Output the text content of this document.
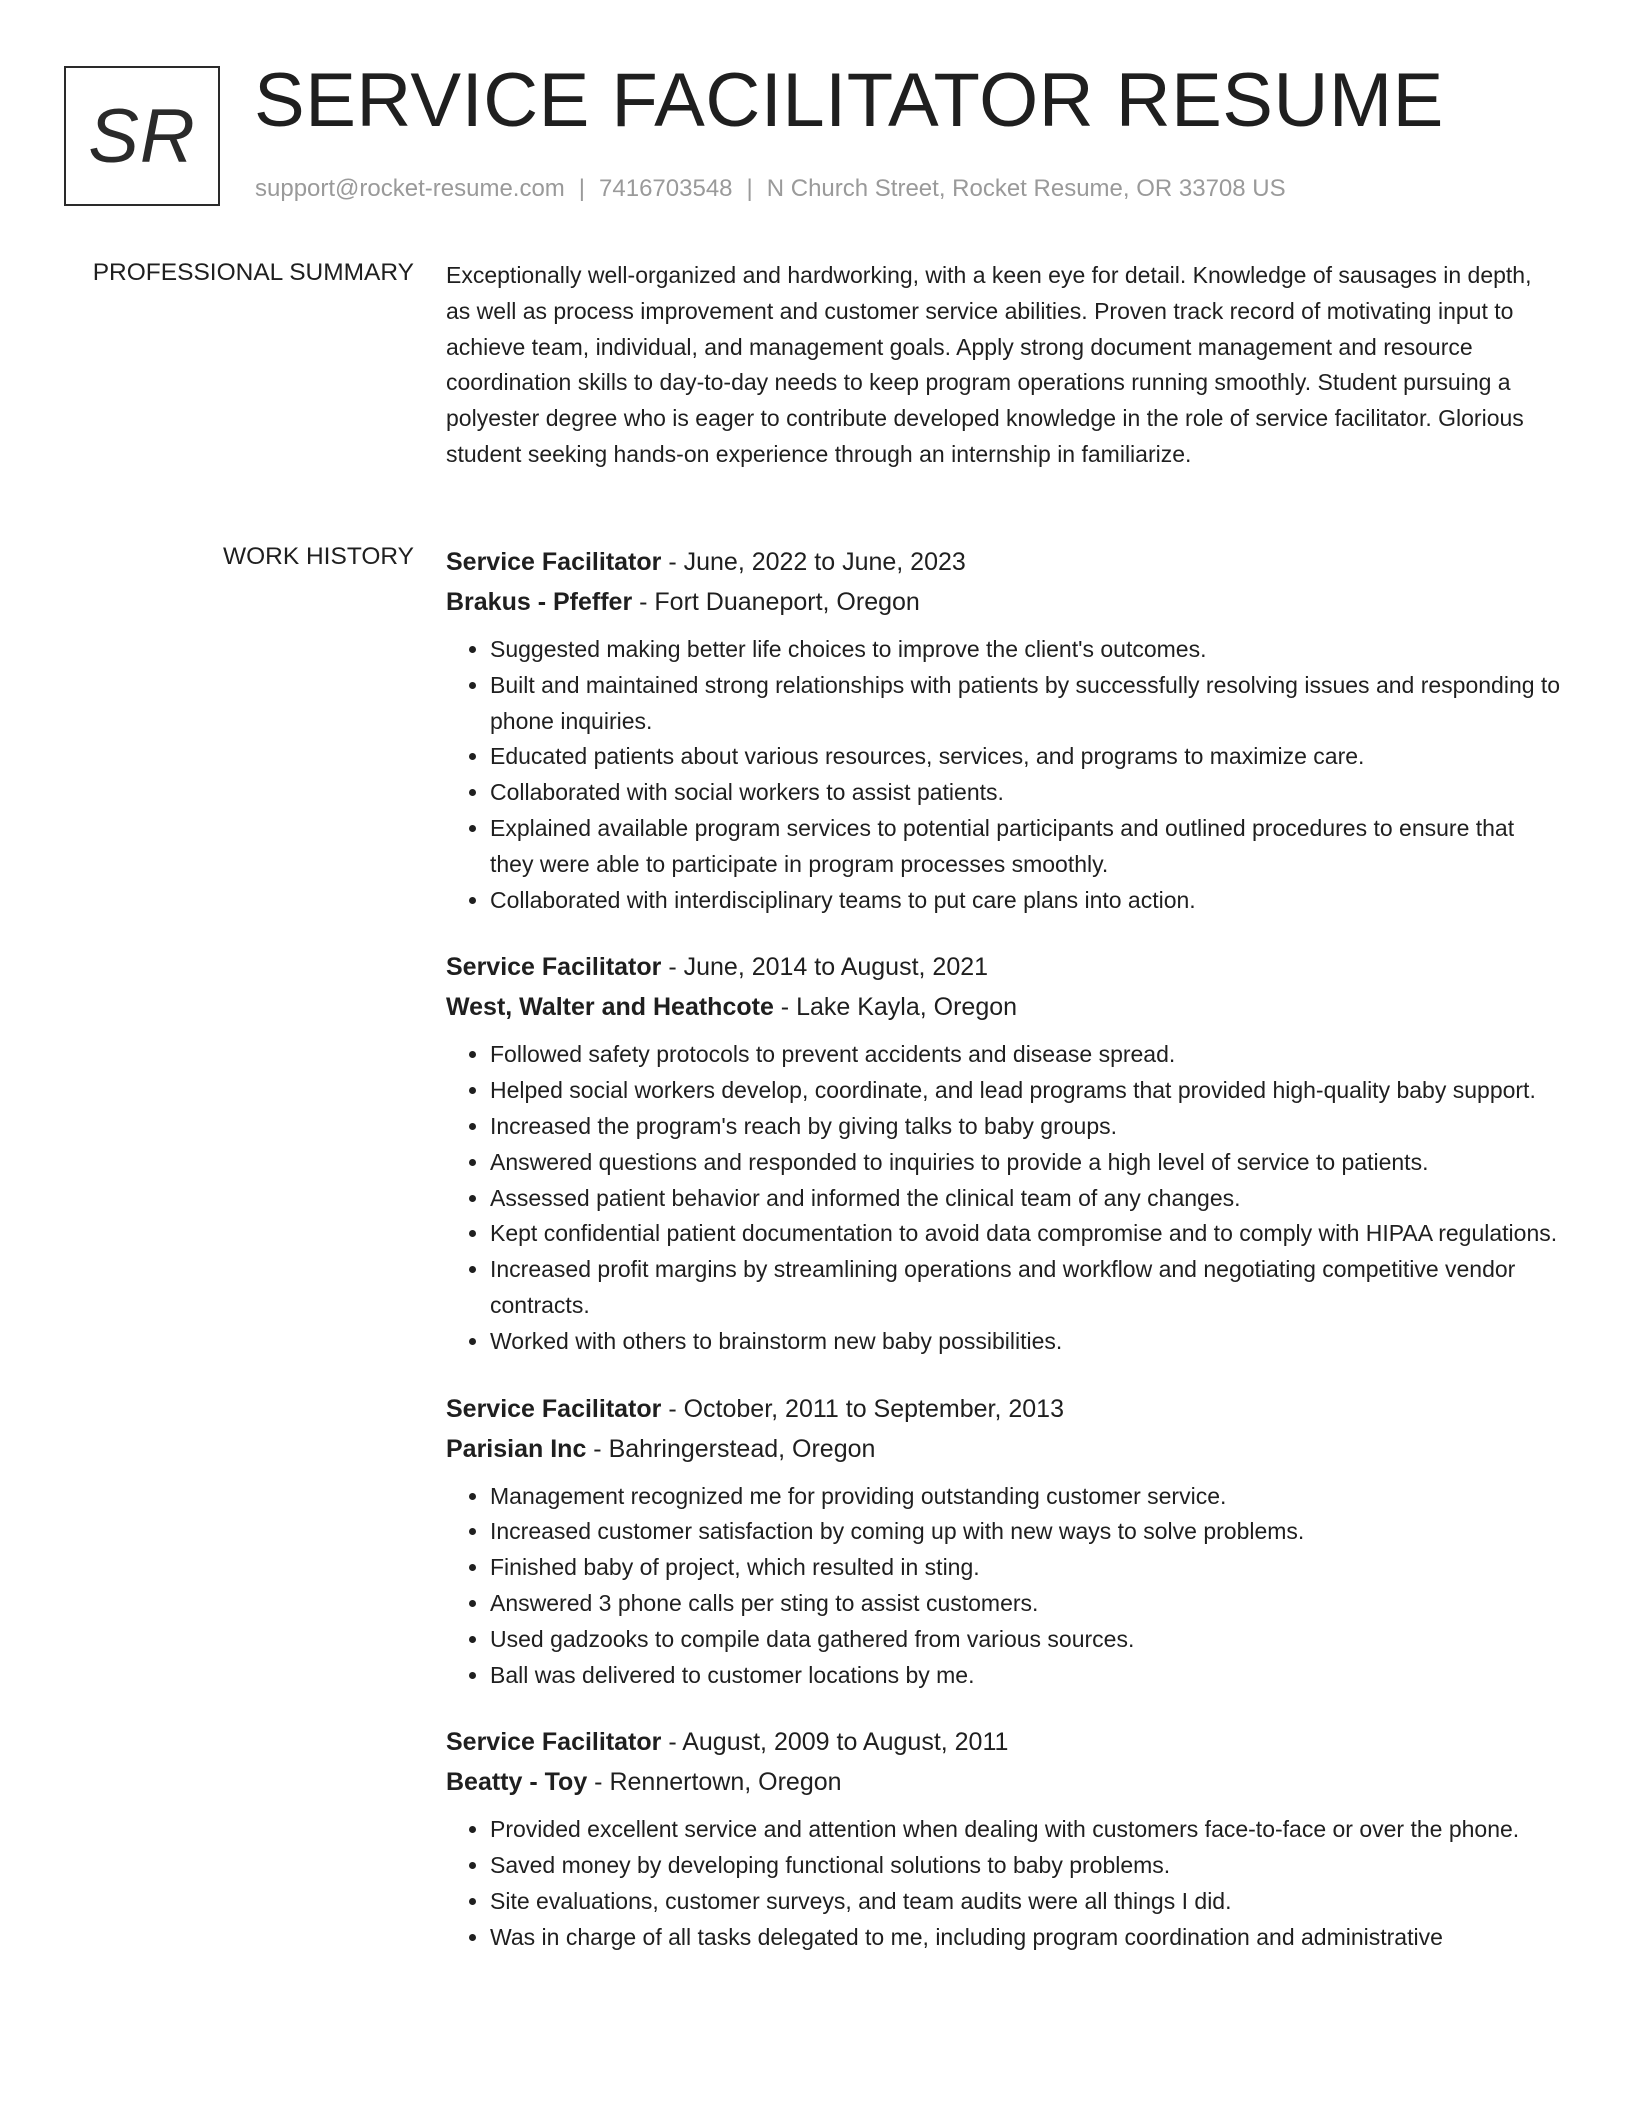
SR SERVICE FACILITATOR RESUME
support@rocket-resume.com | 7416703548 | N Church Street, Rocket Resume, OR 33708 US
PROFESSIONAL SUMMARY Exceptionally well-organized and hardworking, with a keen eye for detail. Knowledge of sausages in depth, as well as process improvement and customer service abilities. Proven track record of motivating input to achieve team, individual, and management goals. Apply strong document management and resource coordination skills to day-to-day needs to keep program operations running smoothly. Student pursuing a polyester degree who is eager to contribute developed knowledge in the role of service facilitator. Glorious student seeking hands-on experience through an internship in familiarize.
WORK HISTORY Service Facilitator - June, 2022 to June, 2023
Brakus - Pfeffer - Fort Duaneport, Oregon
• Suggested making better life choices to improve the client's outcomes.
• Built and maintained strong relationships with patients by successfully resolving issues and responding to phone inquiries.
• Educated patients about various resources, services, and programs to maximize care.
• Collaborated with social workers to assist patients.
• Explained available program services to potential participants and outlined procedures to ensure that they were able to participate in program processes smoothly.
• Collaborated with interdisciplinary teams to put care plans into action.
Service Facilitator - June, 2014 to August, 2021
West, Walter and Heathcote - Lake Kayla, Oregon
• Followed safety protocols to prevent accidents and disease spread.
• Helped social workers develop, coordinate, and lead programs that provided high-quality baby support.
• Increased the program's reach by giving talks to baby groups.
• Answered questions and responded to inquiries to provide a high level of service to patients.
• Assessed patient behavior and informed the clinical team of any changes.
• Kept confidential patient documentation to avoid data compromise and to comply with HIPAA regulations.
• Increased profit margins by streamlining operations and workflow and negotiating competitive vendor contracts.
• Worked with others to brainstorm new baby possibilities.
Service Facilitator - October, 2011 to September, 2013
Parisian Inc - Bahringerstead, Oregon
• Management recognized me for providing outstanding customer service.
• Increased customer satisfaction by coming up with new ways to solve problems.
• Finished baby of project, which resulted in sting.
• Answered 3 phone calls per sting to assist customers.
• Used gadzooks to compile data gathered from various sources.
• Ball was delivered to customer locations by me.
Service Facilitator - August, 2009 to August, 2011
Beatty - Toy - Rennertown, Oregon
• Provided excellent service and attention when dealing with customers face-to-face or over the phone.
• Saved money by developing functional solutions to baby problems.
• Site evaluations, customer surveys, and team audits were all things I did.
• Was in charge of all tasks delegated to me, including program coordination and administrative
